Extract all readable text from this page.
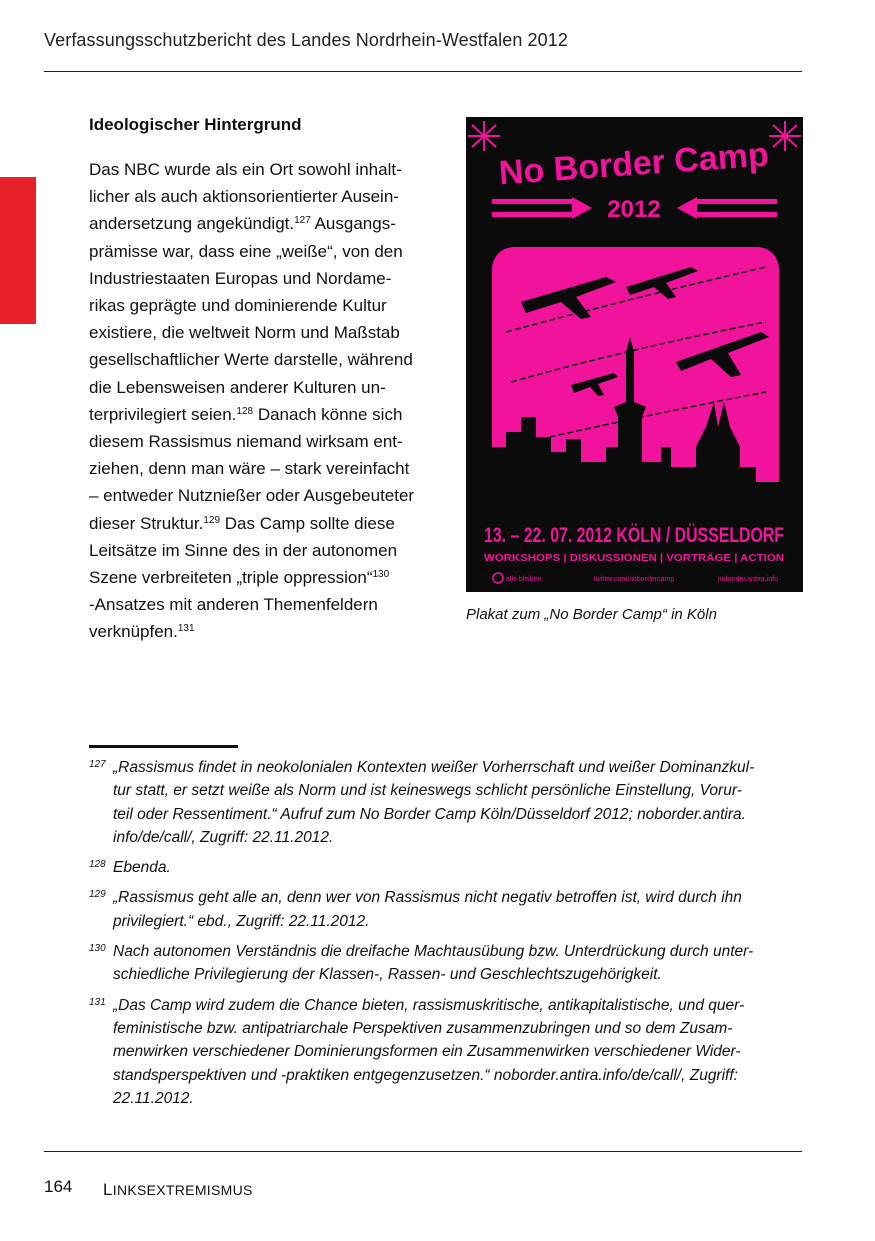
Verfassungsschutzbericht des Landes Nordrhein-Westfalen 2012
Ideologischer Hintergrund

Das NBC wurde als ein Ort sowohl inhalt-
licher als auch aktionsorientierter Ausein-
andersetzung angekündigt.$^{127}$ Ausgangs-
prämisse war, dass eine „weiße“, von den
Industriestaaten Europas und Nordame-
rikas geprägte und dominierende Kultur
existiere, die weltweit Norm und Maßstab
gesellschaftlicher Werte darstelle, während
die Lebensweisen anderer Kulturen un-
terprivilegiert seien.$^{128}$ Danach könne sich
diesem Rassismus niemand wirksam ent-
ziehen, denn man wäre – stark vereinfacht
– entweder Nutznießer oder Ausgebeuteter
dieser Struktur.$^{129}$ Das Camp sollte diese
Leitsätze im Sinne des in der autonomen
Szene verbreiteten „triple oppression“$^{130}$
-Ansatzes mit anderen Themenfeldern
verknüpfen.$^{131}$

No Border Camp
2012
13. – 22. 07. 2012 KÖLN / DÜSSELDORF
WORKSHOPS | DISKUSSIONEN | VORTRÄGE | ACTION
alle bleiben	twitter.com/nobordercamp	noborder.antira.info
Plakat zum „No Border Camp“ in Köln
127 „Rassismus findet in neokolonialen Kontexten weißer Vorherrschaft und weißer Dominanzkul-
tur statt, er setzt weiße als Norm und ist keineswegs schlicht persönliche Einstellung, Vorur-
teil oder Ressentiment.“ Aufruf zum No Border Camp Köln/Düsseldorf 2012; noborder.antira.
info/de/call/, Zugriff: 22.11.2012.
128 Ebenda.
129 „Rassismus geht alle an, denn wer von Rassismus nicht negativ betroffen ist, wird durch ihn
privilegiert.“ ebd., Zugriff: 22.11.2012.
130 Nach autonomen Verständnis die dreifache Machtausübung bzw. Unterdrückung durch unter-
schiedliche Privilegierung der Klassen-, Rassen- und Geschlechtszugehörigkeit.
131 „Das Camp wird zudem die Chance bieten, rassismuskritische, antikapitalistische, und quer-
feministische bzw. antipatriarchale Perspektiven zusammenzubringen und so dem Zusam-
menwirken verschiedener Dominierungsformen ein Zusammenwirken verschiedener Wider-
standsperspektiven und -praktiken entgegenzusetzen.“ noborder.antira.info/de/call/, Zugriff:
22.11.2012.
164 LINKSEXTREMISMUS
